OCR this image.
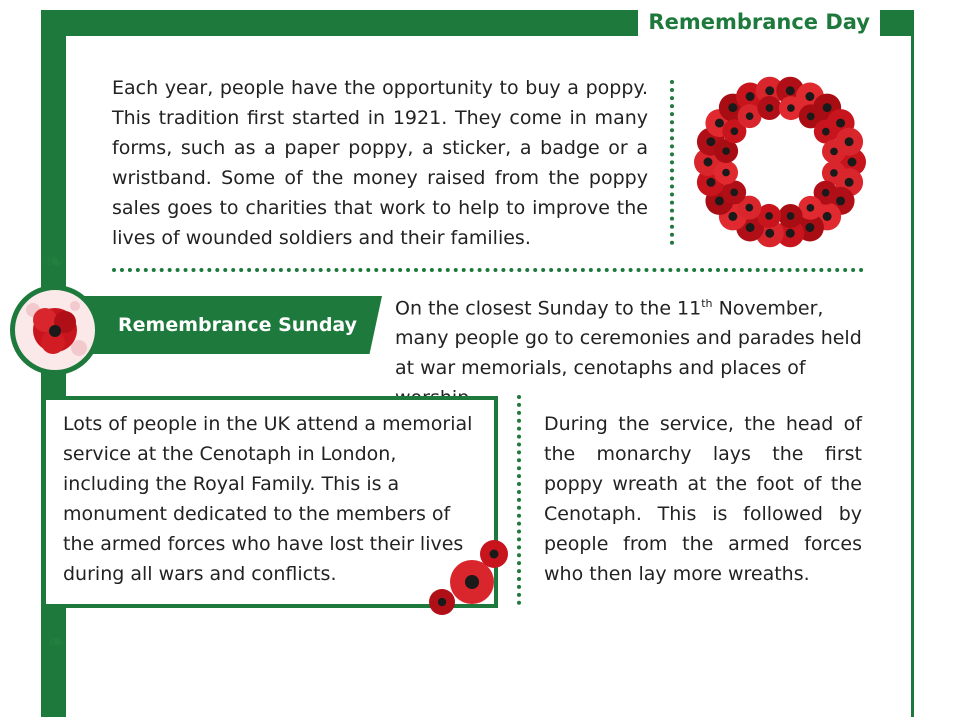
❧
❧
Remembrance Day
Each year, people have the opportunity to buy a poppy. This tradition first started in 1921. They come in many forms, such as a paper poppy, a sticker, a badge or a wristband. Some of the money raised from the poppy sales goes to charities that work to help to improve the lives of wounded soldiers and their families.
Remembrance Sunday
On the closest Sunday to the 11th November, many people go to ceremonies and parades held at war memorials, cenotaphs and places of
Lots of people in the UK attend a memorial service at the Cenotaph in London, including the Royal Family. This is a monument dedicated to the members of the armed forces who have lost their lives during all wars and conflicts.
During the service, the head of the monarchy lays the first poppy wreath at the foot of the Cenotaph. This is followed by people from the armed forces who then lay more wreaths.
